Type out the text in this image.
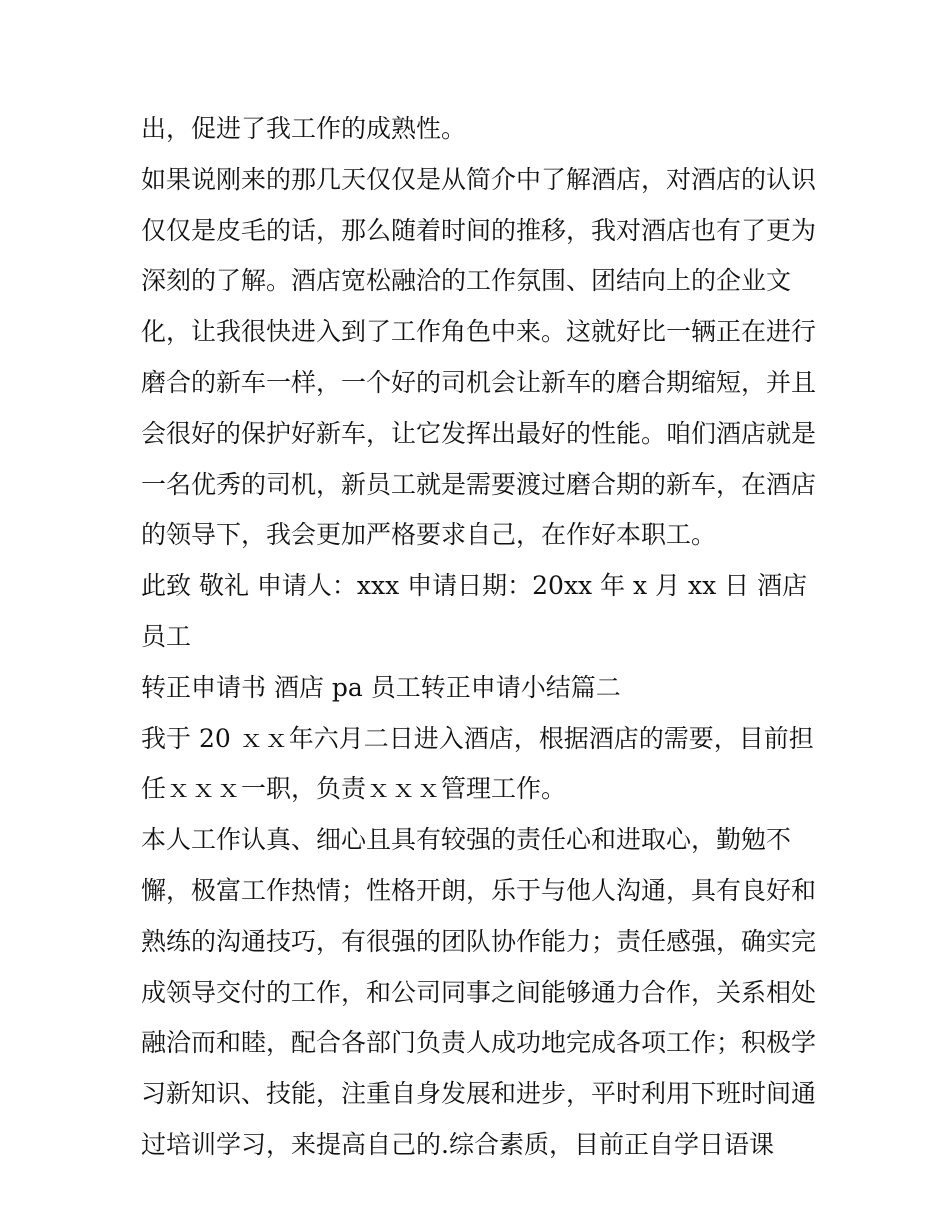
出，促进了我工作的成熟性。

如果说刚来的那几天仅仅是从简介中了解酒店，对酒店的认识

仅仅是皮毛的话，那么随着时间的推移，我对酒店也有了更为

深刻的了解。酒店宽松融洽的工作氛围、团结向上的企业文

化，让我很快进入到了工作角色中来。这就好比一辆正在进行

磨合的新车一样，一个好的司机会让新车的磨合期缩短，并且

会很好的保护好新车，让它发挥出最好的性能。咱们酒店就是

一名优秀的司机，新员工就是需要渡过磨合期的新车，在酒店

的领导下，我会更加严格要求自己，在作好本职工。

此致 敬礼 申请人：xxx 申请日期：20xx 年 x 月 xx 日 酒店员工

转正申请书 酒店 pa 员工转正申请小结篇二

我于 20 ｘｘ年六月二日进入酒店，根据酒店的需要，目前担

任ｘｘｘ一职，负责ｘｘｘ管理工作。

本人工作认真、细心且具有较强的责任心和进取心，勤勉不

懈，极富工作热情；性格开朗，乐于与他人沟通，具有良好和

熟练的沟通技巧，有很强的团队协作能力；责任感强，确实完

成领导交付的工作，和公司同事之间能够通力合作，关系相处

融洽而和睦，配合各部门负责人成功地完成各项工作；积极学

习新知识、技能，注重自身发展和进步，平时利用下班时间通

过培训学习，来提高自己的.综合素质，目前正自学日语课
